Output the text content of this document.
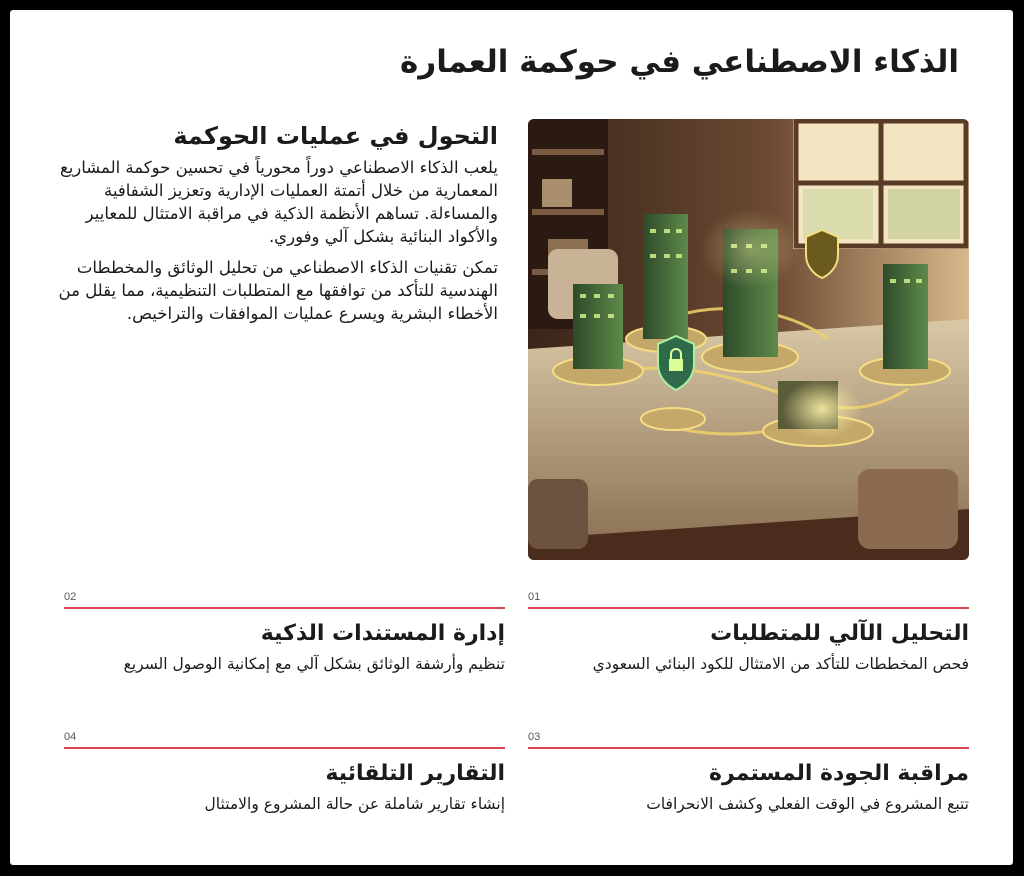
الذكاء الاصطناعي في حوكمة العمارة
التحول في عمليات الحوكمة

يلعب الذكاء الاصطناعي دوراً محورياً في تحسين حوكمة المشاريع المعمارية من خلال أتمتة العمليات الإدارية وتعزيز الشفافية والمساءلة. تساهم الأنظمة الذكية في مراقبة الامتثال للمعايير والأكواد البنائية بشكل آلي وفوري.

تمكن تقنيات الذكاء الاصطناعي من تحليل الوثائق والمخططات الهندسية للتأكد من توافقها مع المتطلبات التنظيمية، مما يقلل من الأخطاء البشرية ويسرع عمليات الموافقات والتراخيص.

01
التحليل الآلي للمتطلبات

فحص المخططات للتأكد من الامتثال للكود البنائي السعودي

02
إدارة المستندات الذكية

تنظيم وأرشفة الوثائق بشكل آلي مع إمكانية الوصول السريع

03
مراقبة الجودة المستمرة

تتبع المشروع في الوقت الفعلي وكشف الانحرافات

04
التقارير التلقائية

إنشاء تقارير شاملة عن حالة المشروع والامتثال
